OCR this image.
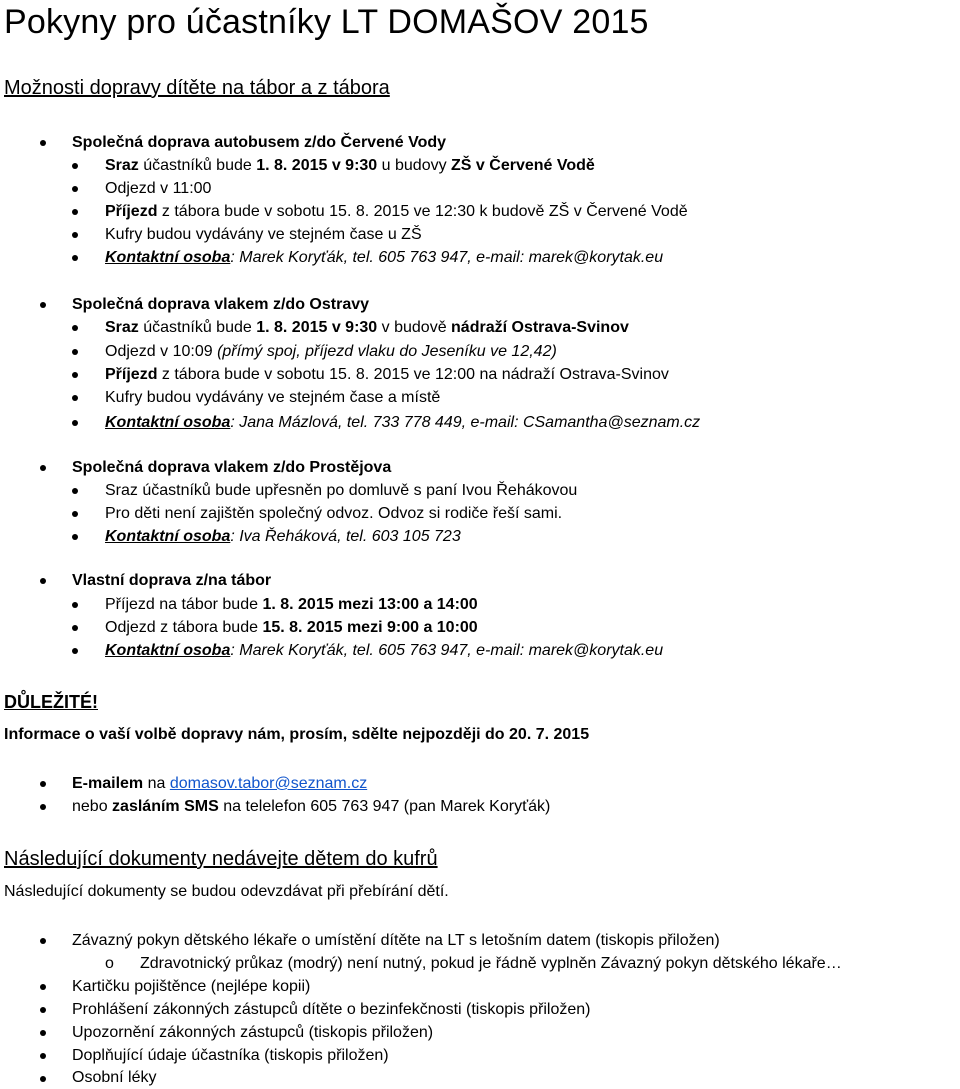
Pokyny pro účastníky LT DOMAŠOV 2015
Možnosti dopravy dítěte na tábor a z tábora
Společná doprava autobusem z/do Červené Vody
Sraz účastníků bude 1. 8. 2015 v 9:30 u budovy ZŠ v Červené Vodě
Odjezd v 11:00
Příjezd z tábora bude v sobotu 15. 8. 2015 ve 12:30 k budově ZŠ v Červené Vodě
Kufry budou vydávány ve stejném čase u ZŠ
Kontaktní osoba: Marek Koryťák, tel. 605 763 947, e-mail: marek@korytak.eu
Společná doprava vlakem z/do Ostravy
Sraz účastníků bude 1. 8. 2015 v 9:30 v budově nádraží Ostrava-Svinov
Odjezd v 10:09 (přímý spoj, příjezd vlaku do Jeseníku ve 12,42)
Příjezd z tábora bude v sobotu 15. 8. 2015 ve 12:00 na nádraží Ostrava-Svinov
Kufry budou vydávány ve stejném čase a místě
Kontaktní osoba: Jana Mázlová, tel. 733 778 449, e-mail: CSamantha@seznam.cz
Společná doprava vlakem z/do Prostějova
Sraz účastníků bude upřesněn po domluvě s paní Ivou Řehákovou
Pro děti není zajištěn společný odvoz. Odvoz si rodiče řeší sami.
Kontaktní osoba: Iva Řeháková, tel. 603 105 723
Vlastní doprava z/na tábor
Příjezd na tábor bude 1. 8. 2015 mezi 13:00 a 14:00
Odjezd z tábora bude 15. 8. 2015 mezi 9:00 a 10:00
Kontaktní osoba: Marek Koryťák, tel. 605 763 947, e-mail: marek@korytak.eu
DŮLEŽITÉ!
Informace o vaší volbě dopravy nám, prosím, sdělte nejpozději do 20. 7. 2015
E-mailem na domasov.tabor@seznam.cz
nebo zasláním SMS na telelefon 605 763 947 (pan Marek Koryťák)
Následující dokumenty nedávejte dětem do kufrů
Následující dokumenty se budou odevzdávat při přebírání dětí.
Závazný pokyn dětského lékaře o umístění dítěte na LT s letošním datem (tiskopis přiložen)
o Zdravotnický průkaz (modrý) není nutný, pokud je řádně vyplněn Závazný pokyn dětského lékaře…
Kartičku pojištěnce (nejlépe kopii)
Prohlášení zákonných zástupců dítěte o bezinfekčnosti (tiskopis přiložen)
Upozornění zákonných zástupců (tiskopis přiložen)
Doplňující údaje účastníka (tiskopis přiložen)
Osobní léky
